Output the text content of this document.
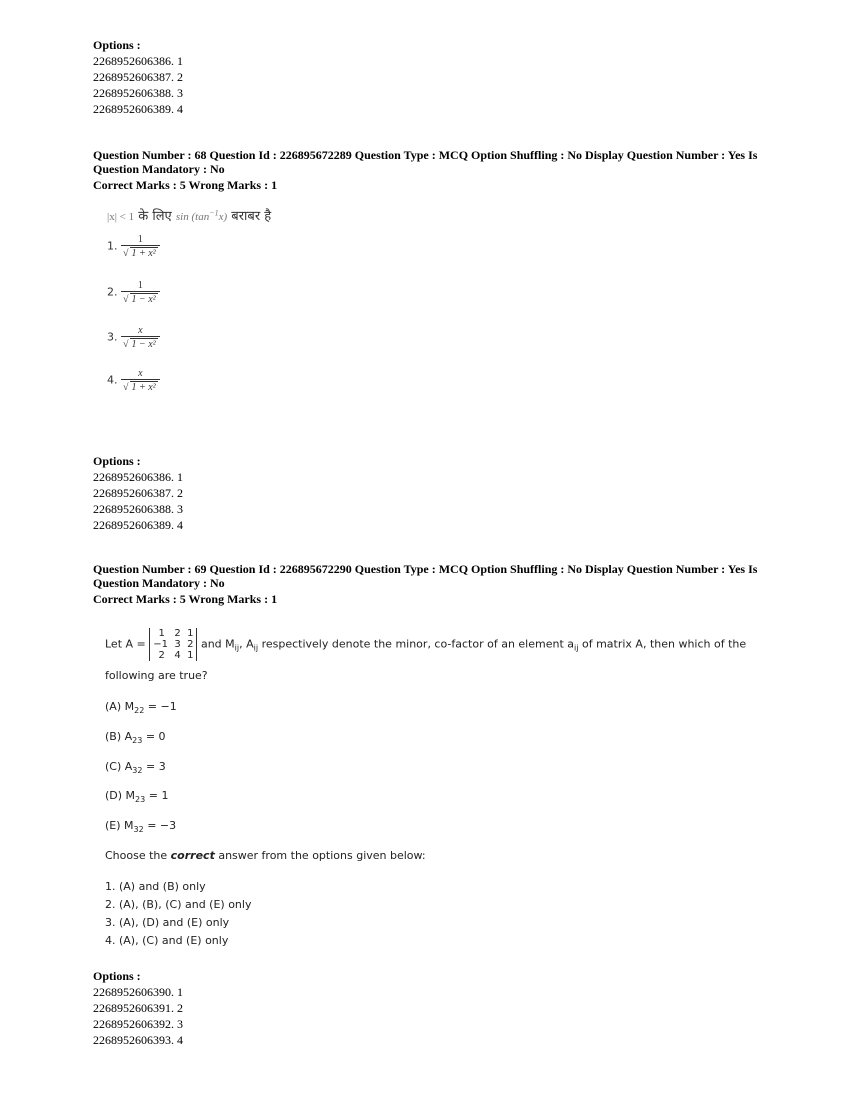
Options :
2268952606386. 1
2268952606387. 2
2268952606388. 3
2268952606389. 4
Question Number : 68 Question Id : 226895672289 Question Type : MCQ Option Shuffling : No Display Question Number : Yes Is
Question Mandatory : No
Correct Marks : 5 Wrong Marks : 1
|x| < 1 के लिए $\sin (\tan^{-1}x)$ बराबर है
1. $\frac{1}{\text{√ 1 + x²}}$
2. $\frac{1}{\text{√ 1 − x²}}$
3. $\frac{x}{\text{√ 1 − x²}}$
4. $\frac{x}{\text{√ 1 + x²}}$
Options :
2268952606386. 1
2268952606387. 2
2268952606388. 3
2268952606389. 4
Question Number : 69 Question Id : 226895672290 Question Type : MCQ Option Shuffling : No Display Question Number : Yes Is
Question Mandatory : No
Correct Marks : 5 Wrong Marks : 1
Let A =
1   2  1
−1  3  2
2   4  1
and $M_{ij}$, $A_{ij}$ respectively denote the minor, co-factor of an element $a_{ij}$ of matrix A, then which of the
following are true?
(A) $M_{22} = -1$
(B) $A_{23} = 0$
(C) $A_{32} = 3$
(D) $M_{23} = 1$
(E) $M_{32} = -3$
Choose the correct answer from the options given below:
1. (A) and (B) only
2. (A), (B), (C) and (E) only
3. (A), (D) and (E) only
4. (A), (C) and (E) only
Options :
2268952606390. 1
2268952606391. 2
2268952606392. 3
2268952606393. 4
